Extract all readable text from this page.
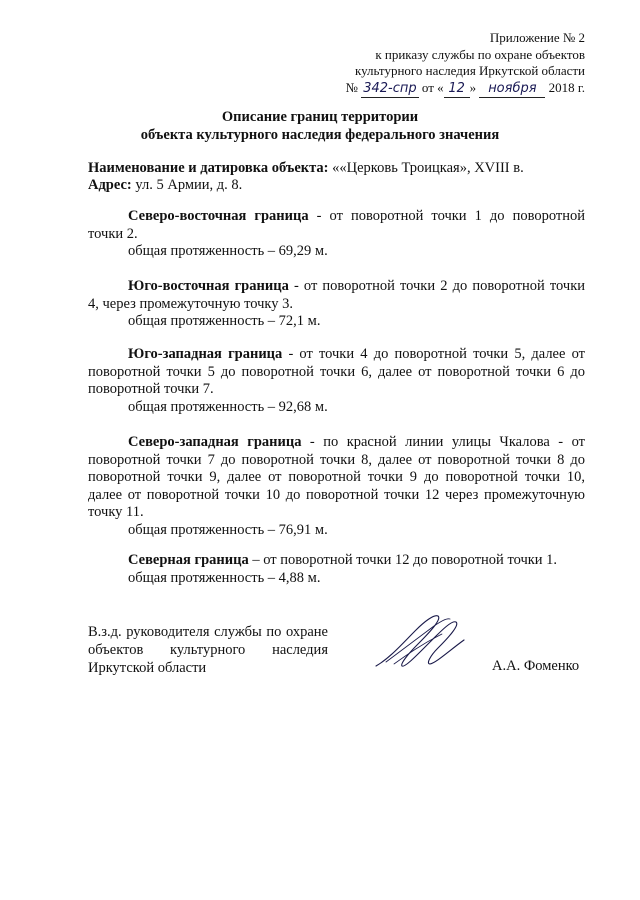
Приложение № 2
к приказу службы по охране объектов
культурного наследия Иркутской области
№ 342-спр от « 12 » ноября 2018 г.
Описание границ территории
объекта культурного наследия федерального значения
Наименование и датировка объекта: ««Церковь Троицкая», XVIII в.
Адрес: ул. 5 Армии, д. 8.

Северо-восточная граница - от поворотной точки 1 до поворотной точки 2.

общая протяженность – 69,29 м.

Юго-восточная граница - от поворотной точки 2 до поворотной точки 4, через промежуточную точку 3.

общая протяженность – 72,1 м.

Юго-западная граница - от точки 4 до поворотной точки 5, далее от поворотной точки 5 до поворотной точки 6, далее от поворотной точки 6 до поворотной точки 7.

общая протяженность – 92,68 м.

Северо-западная граница - по красной линии улицы Чкалова - от поворотной точки 7 до поворотной точки 8, далее от поворотной точки 8 до поворотной точки 9, далее от поворотной точки 9 до поворотной точки 10, далее от поворотной точки 10 до поворотной точки 12 через промежуточную точку 11.

общая протяженность – 76,91 м.

Северная граница – от поворотной точки 12 до поворотной точки 1.

общая протяженность – 4,88 м.

В.з.д. руководителя службы по охране объектов культурного наследия Иркутской области	А.А. Фоменко
